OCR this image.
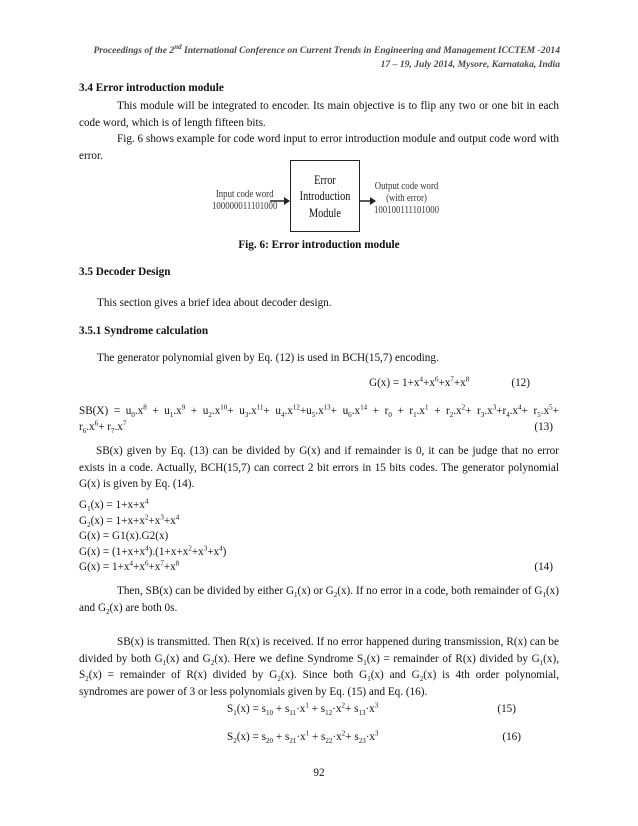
Proceedings of the 2nd International Conference on Current Trends in Engineering and Management ICCTEM -2014
17 – 19, July 2014, Mysore, Karnataka, India
3.4 Error introduction module
This module will be integrated to encoder. Its main objective is to flip any two or one bit in each code word, which is of length fifteen bits.
Fig. 6 shows example for code word input to error introduction module and output code word with error.
Input code word
100000011101000
Error
Introduction
Module
Output code word
(with error)
100100111101000
Fig. 6: Error introduction module
3.5 Decoder Design
This section gives a brief idea about decoder design.
3.5.1 Syndrome calculation
The generator polynomial given by Eq. (12) is used in BCH(15,7) encoding.
$G(x) = 1+x^4+x^6+x^7+x^8$	(12)
$SB(X) = u_0.x^8 + u_1.x^9 + u_2.x^{10}+ u_3.x^{11}+ u_4.x^{12}+u_5.x^{13}+ u_6.x^{14} + r_0 + r_1.x^1 + r_2.x^2+ r_3.x^3+r_4.x^4+ r_5.x^5+$
$r_6.x^6+ r_7.x^7$	(13)
SB(x) given by Eq. (13) can be divided by G(x) and if remainder is 0, it can be judge that no error exists in a code. Actually, BCH(15,7) can correct 2 bit errors in 15 bits codes. The generator polynomial G(x) is given by Eq. (14).
$G_1(x) = 1+x+x^4$
$G_2(x) = 1+x+x^2+x^3+x^4$
G(x) = G1(x).G2(x)
$G(x) = (1+x+x^4).(1+x+x^2+x^3+x^4)$
$G(x) = 1+x^4+x^6+x^7+x^8$	(14)
Then, SB(x) can be divided by either $G_1(x)$ or $G_2(x)$. If no error in a code, both remainder of $G_1(x)$ and $G_2(x)$ are both 0s.
SB(x) is transmitted. Then R(x) is received. If no error happened during transmission, R(x) can be divided by both $G_1(x)$ and $G_2(x)$. Here we define Syndrome $S_1(x)$ = remainder of R(x) divided by $G_1(x)$, $S_2(x)$ = remainder of R(x) divided by $G_2(x)$. Since both $G_1(x)$ and $G_2(x)$ is 4th order polynomial, syndromes are power of 3 or less polynomials given by Eq. (15) and Eq. (16).
$S_1(x) = s_{10} + s_{11}\cdot x^1 + s_{12}\cdot x^2+ s_{13}\cdot x^3$	(15)
$S_2(x) = s_{20} + s_{21}\cdot x^1 + s_{22}\cdot x^2+ s_{23}\cdot x^3$	(16)
92
